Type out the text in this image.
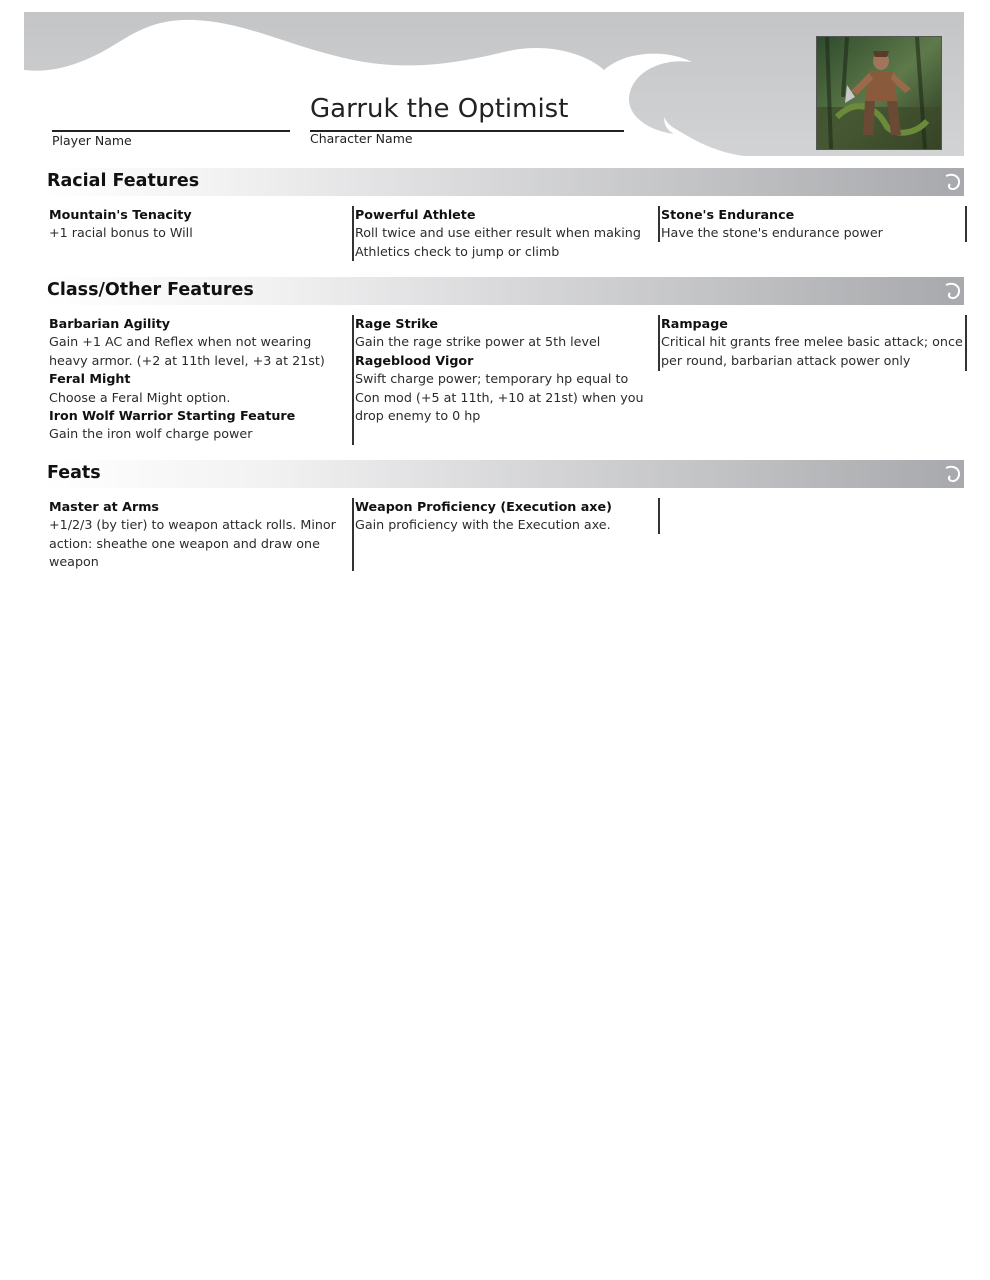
Garruk the Optimist
Player Name	Character Name
Racial Features
Mountain's Tenacity
+1 racial bonus to Will
Powerful Athlete
Roll twice and use either result when making Athletics check to jump or climb
Stone's Endurance
Have the stone's endurance power
Class/Other Features
Barbarian Agility
Gain +1 AC and Reflex when not wearing heavy armor. (+2 at 11th level, +3 at 21st)
Feral Might
Choose a Feral Might option.
Iron Wolf Warrior Starting Feature
Gain the iron wolf charge power
Rage Strike
Gain the rage strike power at 5th level
Rageblood Vigor
Swift charge power; temporary hp equal to Con mod (+5 at 11th, +10 at 21st) when you drop enemy to 0 hp
Rampage
Critical hit grants free melee basic attack; once per round, barbarian attack power only
Feats
Master at Arms
+1/2/3 (by tier) to weapon attack rolls. Minor action: sheathe one weapon and draw one weapon
Weapon Proficiency (Execution axe)
Gain proficiency with the Execution axe.
